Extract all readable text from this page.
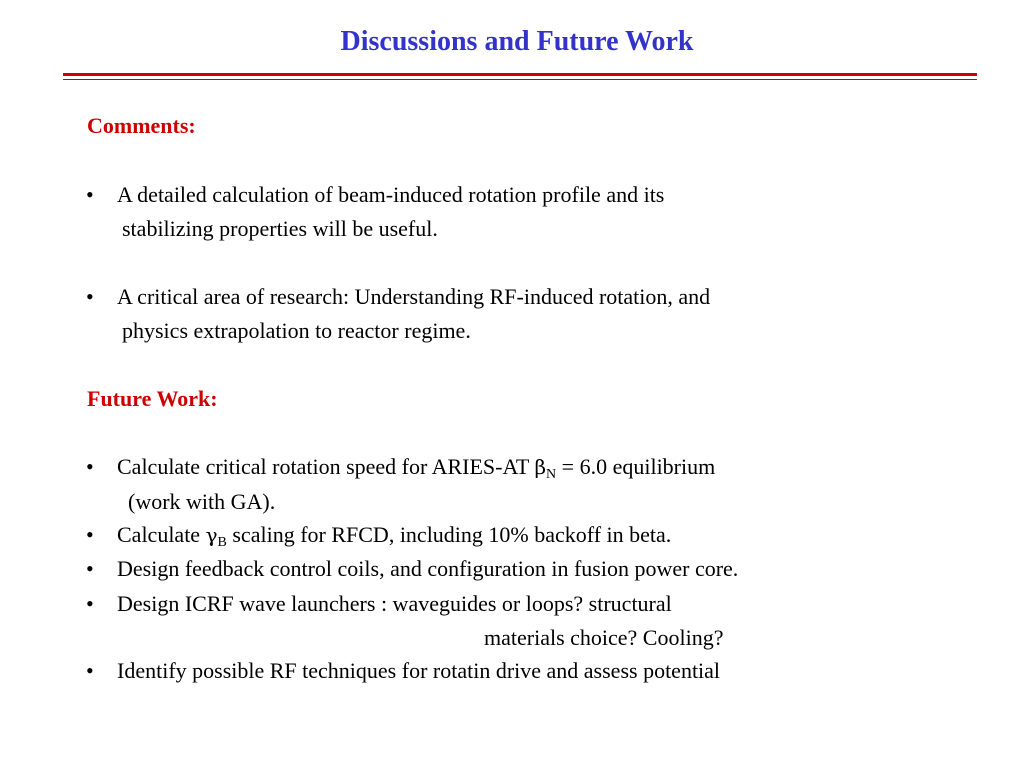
Discussions and Future Work
Comments:
• A detailed calculation of beam-induced rotation profile and its
stabilizing properties will be useful.
• A critical area of research: Understanding RF-induced rotation, and
physics extrapolation to reactor regime.
Future Work:
• Calculate critical rotation speed for ARIES-AT $\beta_N = 6.0$ equilibrium
(work with GA).
• Calculate $\gamma_B$ scaling for RFCD, including 10% backoff in beta.
• Design feedback control coils, and configuration in fusion power core.
• Design ICRF wave launchers : waveguides or loops? structural
materials choice? Cooling?
• Identify possible RF techniques for rotatin drive and assess potential
